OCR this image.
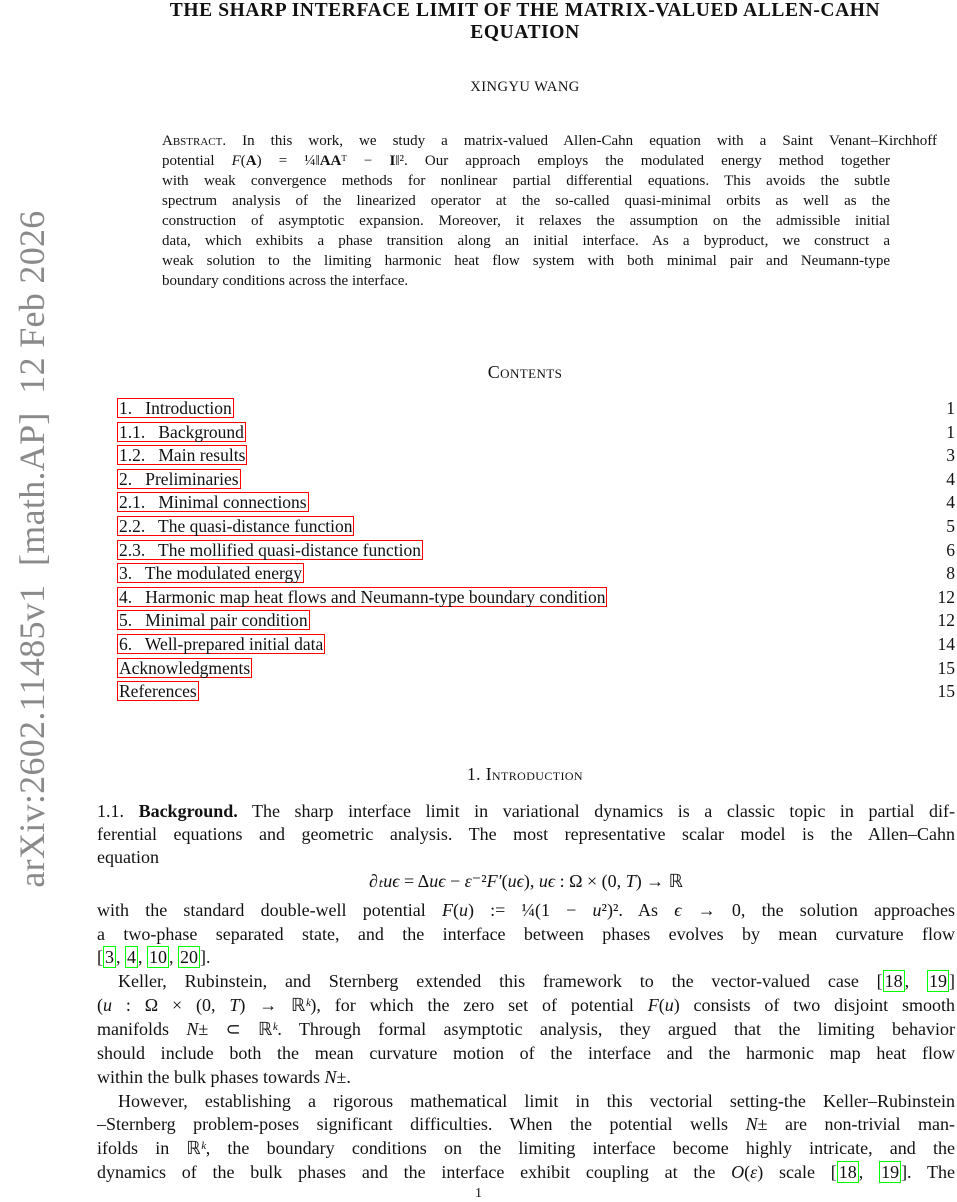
arXiv:2602.11485v1  [math.AP]  12 Feb 2026
THE SHARP INTERFACE LIMIT OF THE MATRIX-VALUED ALLEN-CAHN
EQUATION
XINGYU WANG
Abstract. In this work, we study a matrix-valued Allen-Cahn equation with a Saint Venant–Kirchhoff
potential F(A) = ¼‖AAᵀ − I‖². Our approach employs the modulated energy method together
with weak convergence methods for nonlinear partial differential equations. This avoids the subtle
spectrum analysis of the linearized operator at the so-called quasi-minimal orbits as well as the
construction of asymptotic expansion. Moreover, it relaxes the assumption on the admissible initial
data, which exhibits a phase transition along an initial interface. As a byproduct, we construct a
weak solution to the limiting harmonic heat flow system with both minimal pair and Neumann-type
boundary conditions across the interface.
Contents
1.   Introduction	1
1.1.   Background	1
1.2.   Main results	3
2.   Preliminaries	4
2.1.   Minimal connections	4
2.2.   The quasi-distance function	5
2.3.   The mollified quasi-distance function	6
3.   The modulated energy	8
4.   Harmonic map heat flows and Neumann-type boundary condition	12
5.   Minimal pair condition	12
6.   Well-prepared initial data	14
Acknowledgments	15
References	15
1. Introduction
1.1. Background. The sharp interface limit in variational dynamics is a classic topic in partial dif-
ferential equations and geometric analysis. The most representative scalar model is the Allen–Cahn
equation
∂ₜuϵ = Δuϵ − ε⁻²F′(uϵ), uϵ : Ω × (0, T) → ℝ
with the standard double-well potential F(u) := ¼(1 − u²)². As ϵ → 0, the solution approaches
a two-phase separated state, and the interface between phases evolves by mean curvature flow
[ 3 , 4 , 10 , 20 ].
Keller, Rubinstein, and Sternberg extended this framework to the vector-valued case [ 18 , 19 ]
(u : Ω × (0, T) → ℝᵏ), for which the zero set of potential F(u) consists of two disjoint smooth
manifolds N± ⊂ ℝᵏ. Through formal asymptotic analysis, they argued that the limiting behavior
should include both the mean curvature motion of the interface and the harmonic map heat flow
within the bulk phases towards N±.
However, establishing a rigorous mathematical limit in this vectorial setting-the Keller–Rubinstein
–Sternberg problem-poses significant difficulties. When the potential wells N± are non-trivial man-
ifolds in ℝᵏ, the boundary conditions on the limiting interface become highly intricate, and the
dynamics of the bulk phases and the interface exhibit coupling at the O(ε) scale [ 18 , 19 ]. The
1
